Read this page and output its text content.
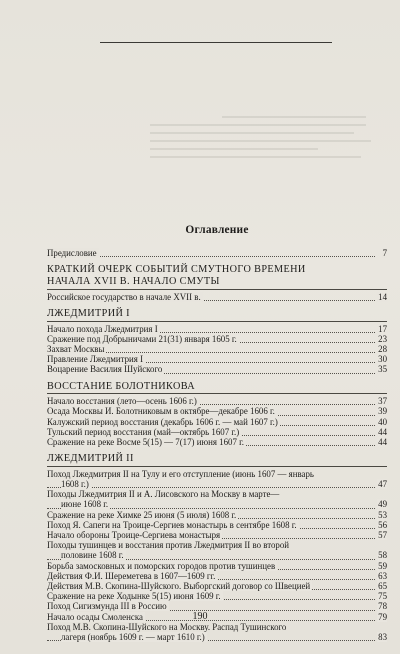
Оглавление
Предисловие	7
КРАТКИЙ ОЧЕРК СОБЫТИЙ СМУТНОГО ВРЕМЕНИ
НАЧАЛА XVII В. НАЧАЛО СМУТЫ
Российское государство в начале XVII в.	14
ЛЖЕДМИТРИЙ I
Начало похода Лжедмитрия I	17
Сражение под Добрыничами 21(31) января 1605 г.	23
Захват Москвы	28
Правление Лжедмитрия I	30
Воцарение Василия Шуйского	35
ВОССТАНИЕ БОЛОТНИКОВА
Начало восстания (лето—осень 1606 г.)	37
Осада Москвы И. Болотниковым в октябре—декабре 1606 г.	39
Калужский период восстания (декабрь 1606 г. — май 1607 г.)	40
Тульский период восстания (май—октябрь 1607 г.)	44
Сражение на реке Восме 5(15) — 7(17) июня 1607 г.	44
ЛЖЕДМИТРИЙ II
Поход Лжедмитрия II на Тулу и его отступление (июнь 1607 — январь
1608 г.)	47
Походы Лжедмитрия II и А. Лисовского на Москву в марте—
июне 1608 г.	49
Сражение на реке Химке 25 июня (5 июля) 1608 г.	53
Поход Я. Сапеги на Троице-Сергиев монастырь в сентябре 1608 г.	56
Начало обороны Троице-Сергиева монастыря	57
Походы тушинцев и восстания против Лжедмитрия II во второй
половине 1608 г.	58
Борьба замосковных и поморских городов против тушинцев	59
Действия Ф.И. Шереметева в 1607—1609 гг.	63
Действия М.В. Скопина-Шуйского. Выборгский договор со Швецией	65
Сражение на реке Ходынке 5(15) июня 1609 г.	75
Поход Сигизмунда III в Россию	78
Начало осады Смоленска	79
Поход М.В. Скопина-Шуйского на Москву. Распад Тушинского
лагеря (ноябрь 1609 г. — март 1610 г.)	83
190
